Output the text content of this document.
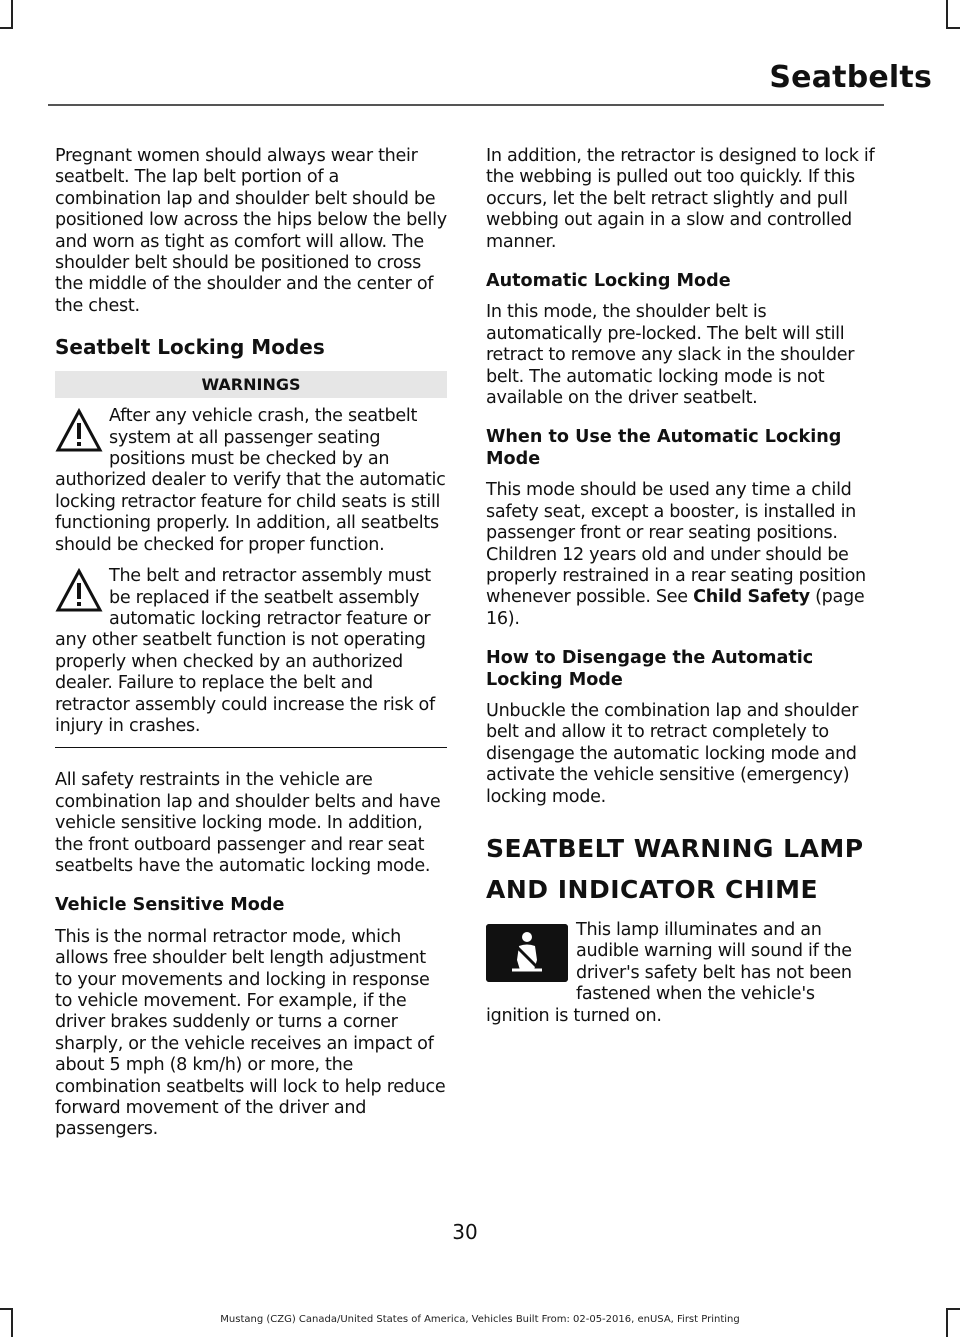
Seatbelts

Pregnant women should always wear their seatbelt. The lap belt portion of a combination lap and shoulder belt should be positioned low across the hips below the belly and worn as tight as comfort will allow. The shoulder belt should be positioned to cross the middle of the shoulder and the center of the chest.

Seatbelt Locking Modes
WARNINGS
After any vehicle crash, the seatbelt system at all passenger seating positions must be checked by an authorized dealer to verify that the automatic locking retractor feature for child seats is still functioning properly. In addition, all seatbelts should be checked for proper function.
The belt and retractor assembly must be replaced if the seatbelt assembly automatic locking retractor feature or any other seatbelt function is not operating properly when checked by an authorized dealer. Failure to replace the belt and retractor assembly could increase the risk of injury in crashes.

All safety restraints in the vehicle are combination lap and shoulder belts and have vehicle sensitive locking mode. In addition, the front outboard passenger and rear seat seatbelts have the automatic locking mode.

Vehicle Sensitive Mode

This is the normal retractor mode, which allows free shoulder belt length adjustment to your movements and locking in response to vehicle movement. For example, if the driver brakes suddenly or turns a corner sharply, or the vehicle receives an impact of about 5 mph (8 km/h) or more, the combination seatbelts will lock to help reduce forward movement of the driver and passengers.

In addition, the retractor is designed to lock if the webbing is pulled out too quickly. If this occurs, let the belt retract slightly and pull webbing out again in a slow and controlled manner.

Automatic Locking Mode

In this mode, the shoulder belt is automatically pre-locked. The belt will still retract to remove any slack in the shoulder belt. The automatic locking mode is not available on the driver seatbelt.

When to Use the Automatic Locking Mode

This mode should be used any time a child safety seat, except a booster, is installed in passenger front or rear seating positions. Children 12 years old and under should be properly restrained in a rear seating position whenever possible. See Child Safety (page 16).

How to Disengage the Automatic Locking Mode

Unbuckle the combination lap and shoulder belt and allow it to retract completely to disengage the automatic locking mode and activate the vehicle sensitive (emergency) locking mode.

SEATBELT WARNING LAMP
AND INDICATOR CHIME

This lamp illuminates and an audible warning will sound if the driver's safety belt has not been fastened when the vehicle's ignition is turned on.

30
Mustang (CZG) Canada/United States of America, Vehicles Built From: 02-05-2016, enUSA, First Printing
